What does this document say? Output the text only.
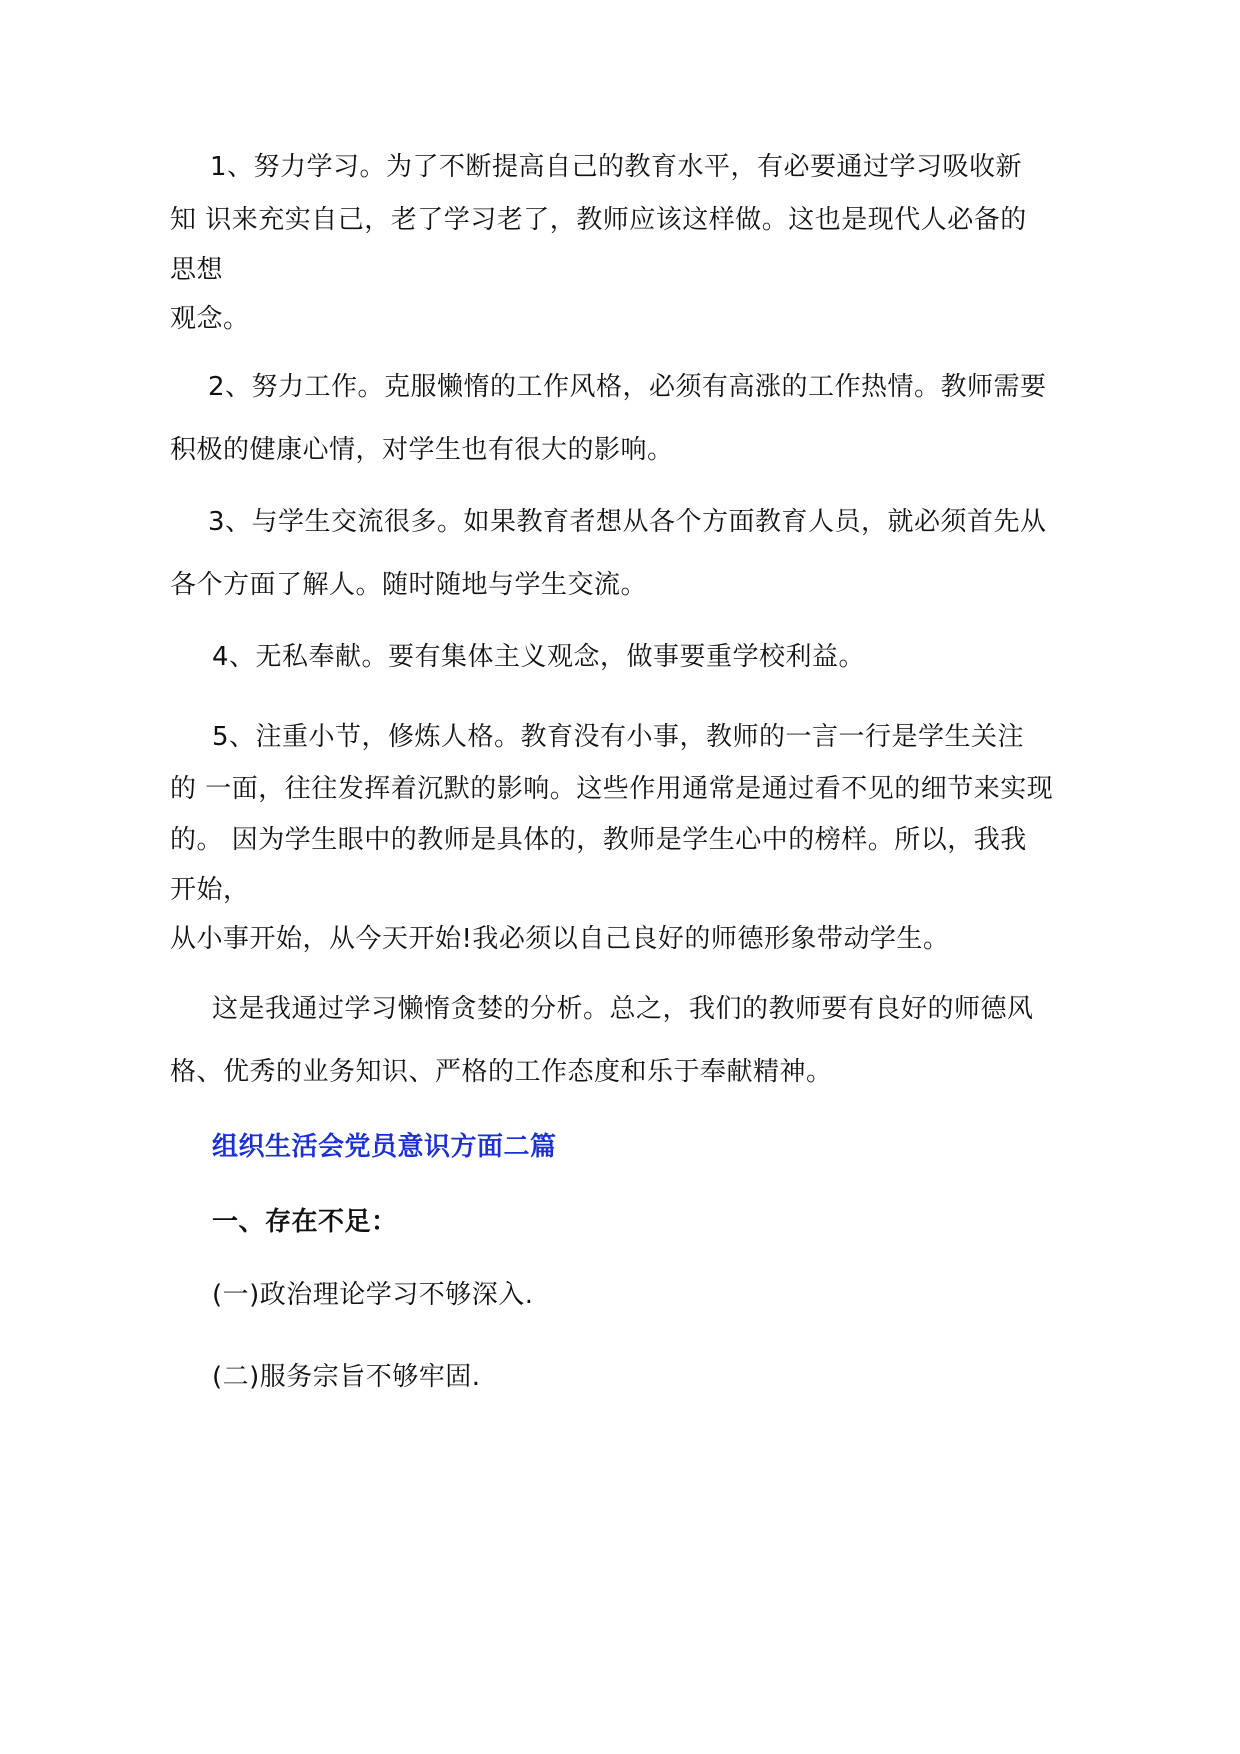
1、努力学习。为了不断提高自己的教育水平，有必要通过学习吸收新
知 识来充实自己，老了学习老了，教师应该这样做。这也是现代人必备的
思想
观念。
2、努力工作。克服懒惰的工作风格，必须有高涨的工作热情。教师需要
积极的健康心情，对学生也有很大的影响。
3、与学生交流很多。如果教育者想从各个方面教育人员，就必须首先从
各个方面了解人。随时随地与学生交流。
4、无私奉献。要有集体主义观念，做事要重学校利益。
5、注重小节，修炼人格。教育没有小事，教师的一言一行是学生关注
的 一面，往往发挥着沉默的影响。这些作用通常是通过看不见的细节来实现
的。 因为学生眼中的教师是具体的，教师是学生心中的榜样。所以，我我
开始，
从小事开始，从今天开始!我必须以自己良好的师德形象带动学生。
这是我通过学习懒惰贪婪的分析。总之，我们的教师要有良好的师德风
格、优秀的业务知识、严格的工作态度和乐于奉献精神。
组织生活会党员意识方面二篇
一、存在不足：
(一)政治理论学习不够深入.
(二)服务宗旨不够牢固.
